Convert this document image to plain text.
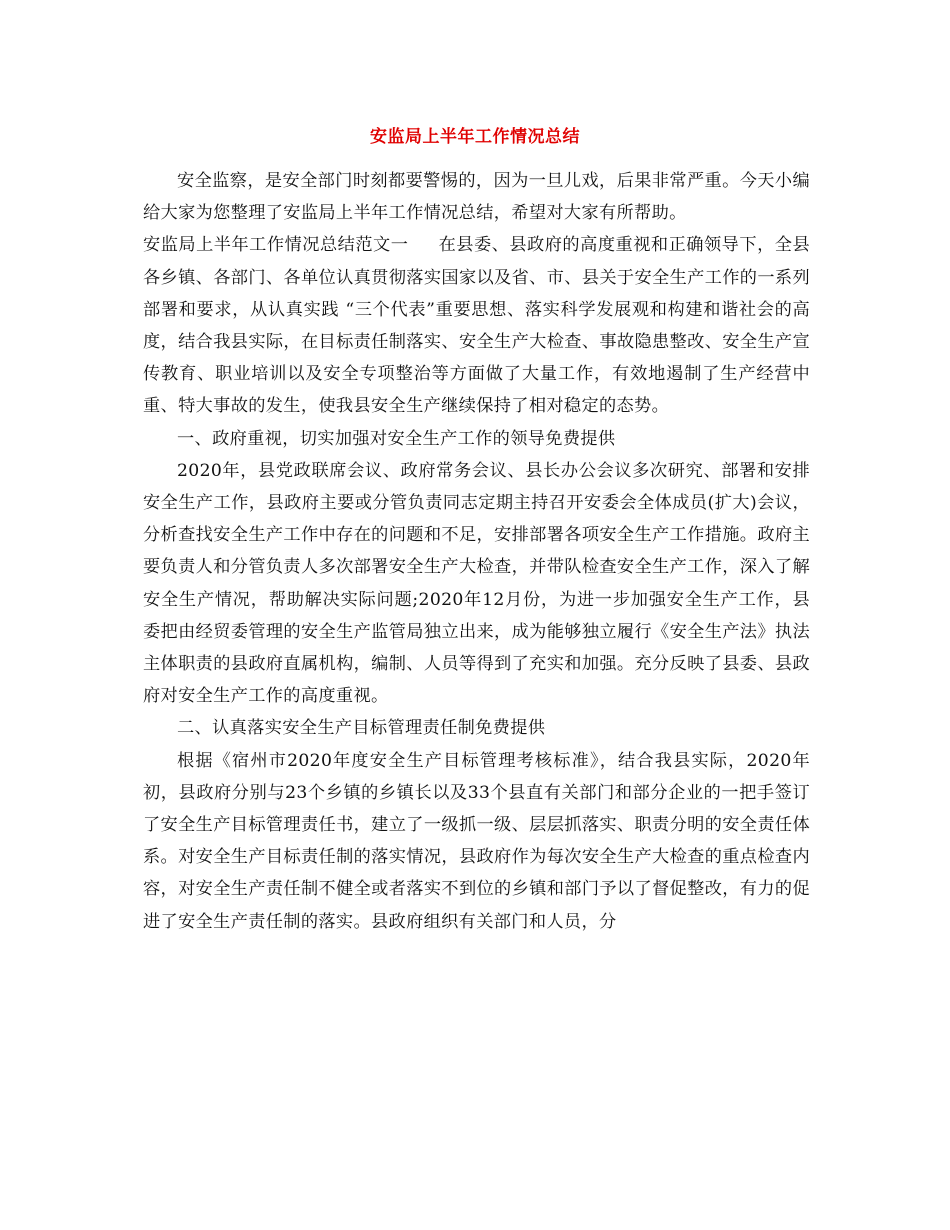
安监局上半年工作情况总结

安全监察，是安全部门时刻都要警惕的，因为一旦儿戏，后果非常严重。今天小编给大家为您整理了安监局上半年工作情况总结，希望对大家有所帮助。

安监局上半年工作情况总结范文一 在县委、县政府的高度重视和正确领导下，全县各乡镇、各部门、各单位认真贯彻落实国家以及省、市、县关于安全生产工作的一系列部署和要求，从认真实践 “三个代表”重要思想、落实科学发展观和构建和谐社会的高度，结合我县实际，在目标责任制落实、安全生产大检查、事故隐患整改、安全生产宣传教育、职业培训以及安全专项整治等方面做了大量工作，有效地遏制了生产经营中重、特大事故的发生，使我县安全生产继续保持了相对稳定的态势。

一、政府重视，切实加强对安全生产工作的领导免费提供

2020年，县党政联席会议、政府常务会议、县长办公会议多次研究、部署和安排安全生产工作，县政府主要或分管负责同志定期主持召开安委会全体成员(扩大)会议，分析查找安全生产工作中存在的问题和不足，安排部署各项安全生产工作措施。政府主要负责人和分管负责人多次部署安全生产大检查，并带队检查安全生产工作，深入了解安全生产情况，帮助解决实际问题;2020年12月份，为进一步加强安全生产工作，县委把由经贸委管理的安全生产监管局独立出来，成为能够独立履行《安全生产法》执法主体职责的县政府直属机构，编制、人员等得到了充实和加强。充分反映了县委、县政府对安全生产工作的高度重视。

二、认真落实安全生产目标管理责任制免费提供

根据《宿州市2020年度安全生产目标管理考核标准》，结合我县实际，2020年初，县政府分别与23个乡镇的乡镇长以及33个县直有关部门和部分企业的一把手签订了安全生产目标管理责任书，建立了一级抓一级、层层抓落实、职责分明的安全责任体系。对安全生产目标责任制的落实情况，县政府作为每次安全生产大检查的重点检查内容，对安全生产责任制不健全或者落实不到位的乡镇和部门予以了督促整改，有力的促进了安全生产责任制的落实。县政府组织有关部门和人员，分
